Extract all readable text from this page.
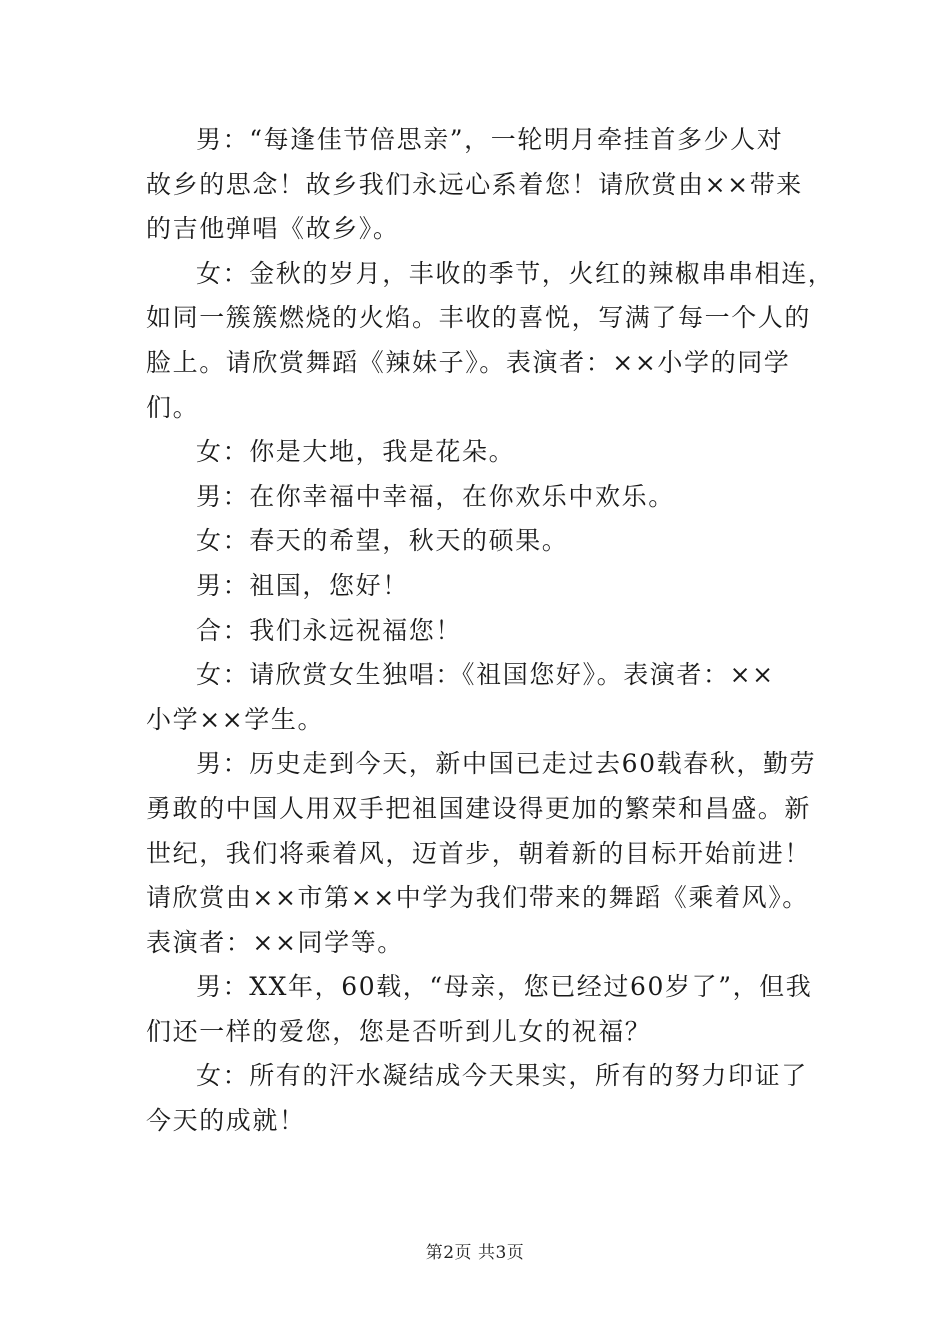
男：“每逢佳节倍思亲”，一轮明月牵挂首多少人对
故乡的思念！故乡我们永远心系着您！请欣赏由××带来
的吉他弹唱《故乡》。

女：金秋的岁月，丰收的季节，火红的辣椒串串相连，
如同一簇簇燃烧的火焰。丰收的喜悦，写满了每一个人的
脸上。请欣赏舞蹈《辣妹子》。表演者：××小学的同学
们。

女：你是大地，我是花朵。

男：在你幸福中幸福，在你欢乐中欢乐。

女：春天的希望，秋天的硕果。

男：祖国，您好！

合：我们永远祝福您！

女：请欣赏女生独唱：《祖国您好》。表演者：××
小学××学生。

男：历史走到今天，新中国已走过去60载春秋，勤劳
勇敢的中国人用双手把祖国建设得更加的繁荣和昌盛。新
世纪，我们将乘着风，迈首步，朝着新的目标开始前进！
请欣赏由××市第××中学为我们带来的舞蹈《乘着风》。
表演者：××同学等。

男：XX年，60载，“母亲，您已经过60岁了”，但我
们还一样的爱您，您是否听到儿女的祝福？

女：所有的汗水凝结成今天果实，所有的努力印证了
今天的成就！

第2页 共3页
